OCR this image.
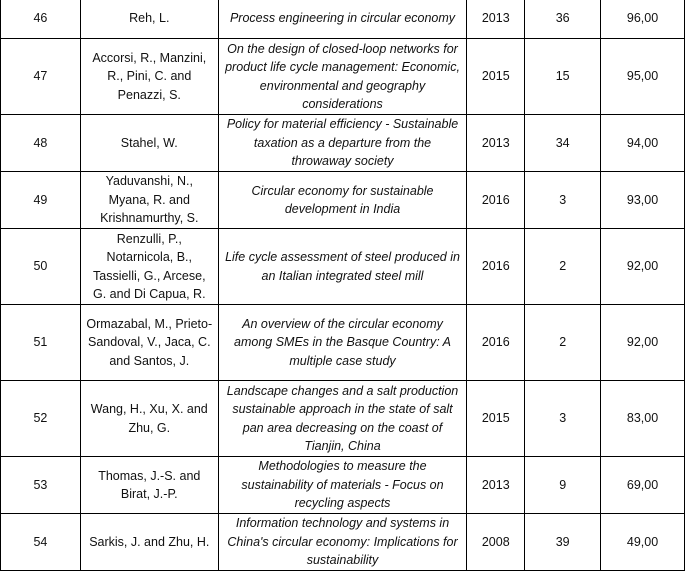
46	Reh, L.	Process engineering in circular economy	2013	36	96,00
47	Accorsi, R., Manzini, R., Pini, C. and Penazzi, S.	On the design of closed-loop networks for product life cycle management: Economic, environmental and geography considerations	2015	15	95,00
48	Stahel, W.	Policy for material efficiency - Sustainable taxation as a departure from the throwaway society	2013	34	94,00
49	Yaduvanshi, N., Myana, R. and Krishnamurthy, S.	Circular economy for sustainable development in India	2016	3	93,00
50	Renzulli, P., Notarnicola, B., Tassielli, G., Arcese, G. and Di Capua, R.	Life cycle assessment of steel produced in an Italian integrated steel mill	2016	2	92,00
51	Ormazabal, M., Prieto-Sandoval, V., Jaca, C. and Santos, J.	An overview of the circular economy among SMEs in the Basque Country: A multiple case study	2016	2	92,00
52	Wang, H., Xu, X. and Zhu, G.	Landscape changes and a salt production sustainable approach in the state of salt pan area decreasing on the coast of Tianjin, China	2015	3	83,00
53	Thomas, J.-S. and Birat, J.-P.	Methodologies to measure the sustainability of materials - Focus on recycling aspects	2013	9	69,00
54	Sarkis, J. and Zhu, H.	Information technology and systems in China's circular economy: Implications for sustainability	2008	39	49,00
